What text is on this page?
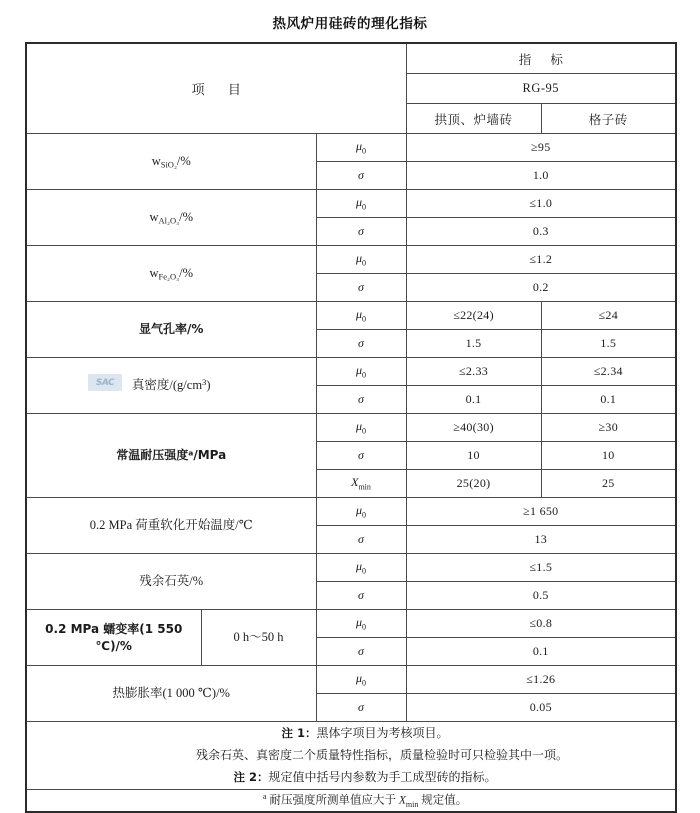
热风炉用硅砖的理化指标
项 目			指 标	
			RG-95	
			拱顶、炉墙砖	格子砖
$w_{SiO_2}/\%$		$\mu_0$	≥95	
		σ	1.0	
$w_{Al_2O_3}/\%$		$\mu_0$	≤1.0	
		σ	0.3	
$w_{Fe_2O_3}/\%$		$\mu_0$	≤1.2	
		σ	0.2	
显气孔率/%		$\mu_0$	≤22(24)	≤24
		σ	1.5	1.5
真密度$/(g/cm^3)$		$\mu_0$	≤2.33	≤2.34
		σ	0.1	0.1
常温耐压强度$^a$/MPa		$\mu_0$	≥40(30)	≥30
		σ	10	10
		$X_{min}$	25(20)	25
0.2 MPa 荷重软化开始温度/℃		$\mu_0$	≥1 650	
		σ	13	
残余石英/%		$\mu_0$	≤1.5	
		σ	0.5	
0.2 MPa 蠕变率(1 550 ℃)/%	0 h～50 h	$\mu_0$	≤0.8	
		σ	0.1	
热膨胀率(1 000 ℃)/%		$\mu_0$	≤1.26	
		σ	0.05	

注 1：黑体字项目为考核项目。
残余石英、真密度二个质量特性指标，质量检验时可只检验其中一项。
注 2：规定值中括号内参数为手工成型砖的指标。				

$^a$ 耐压强度所测单值应大于 $X_{min}$ 规定值。				
SAC
